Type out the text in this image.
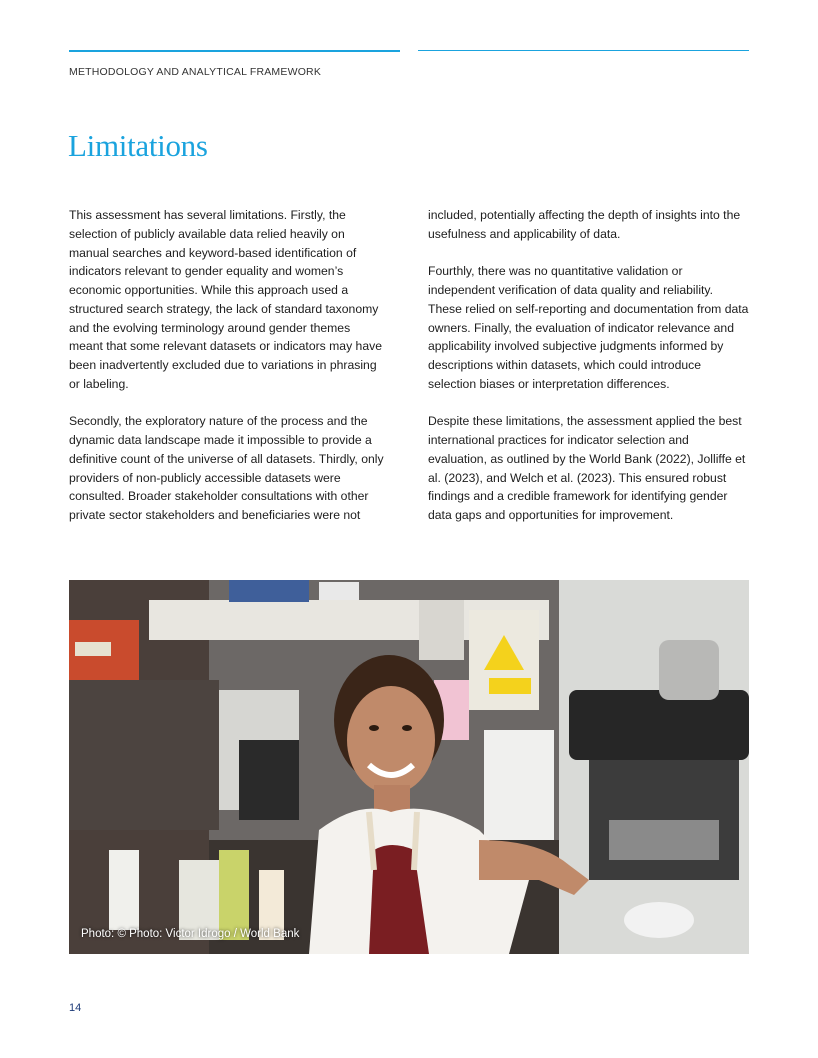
METHODOLOGY AND ANALYTICAL FRAMEWORK
Limitations

This assessment has several limitations. Firstly, the selection of publicly available data relied heavily on manual searches and keyword-based identification of indicators relevant to gender equality and women’s economic opportunities. While this approach used a structured search strategy, the lack of standard taxonomy and the evolving terminology around gender themes meant that some relevant datasets or indicators may have been inadvertently excluded due to variations in phrasing or labeling.

Secondly, the exploratory nature of the process and the dynamic data landscape made it impossible to provide a definitive count of the universe of all datasets. Thirdly, only providers of non-publicly accessible datasets were consulted. Broader stakeholder consultations with other private sector stakeholders and beneficiaries were not

included, potentially affecting the depth of insights into the usefulness and applicability of data.

Fourthly, there was no quantitative validation or independent verification of data quality and reliability. These relied on self-reporting and documentation from data owners. Finally, the evaluation of indicator relevance and applicability involved subjective judgments informed by descriptions within datasets, which could introduce selection biases or interpretation differences.

Despite these limitations, the assessment applied the best international practices for indicator selection and evaluation, as outlined by the World Bank (2022), Jolliffe et al. (2023), and Welch et al. (2023). This ensured robust findings and a credible framework for identifying gender data gaps and opportunities for improvement.

Photo: © Photo: Victor Idrogo / World Bank
14
